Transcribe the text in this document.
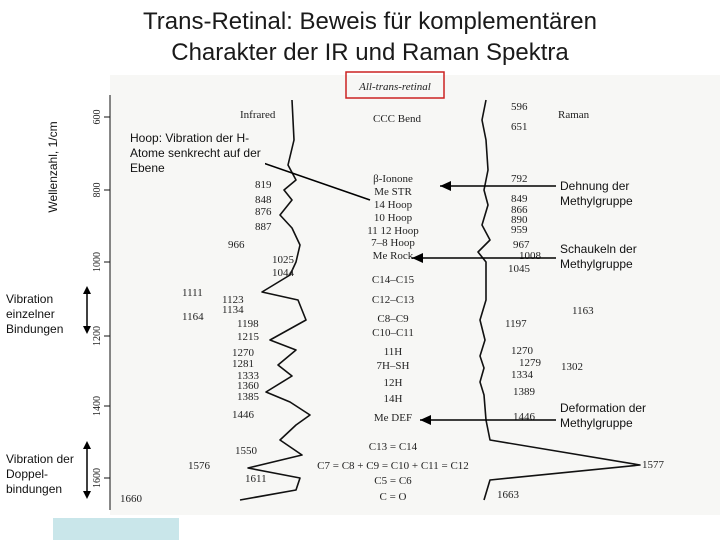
Trans-Retinal: Beweis für komplementären
Charakter der IR und Raman Spektra
Wellenzahl, 1/cm
600
800
1000
1200
1400
1600
All-trans-retinal
Infrared	Raman
819
848
876
887
966
1025
1044
1111
1123
1134
1164
1198
1215
1270
1281
1333
1360
1385
1446
1550
1576
1611
1660
CCC Bend
β-Ionone
Me STR
14 Hoop
10 Hoop
11 12 Hoop
7–8 Hoop
Me Rock
C14–C15
C12–C13
C8–C9
C10–C11
11H
7H–SH
12H
14H
Me DEF
C13 = C14
C7 = C8 + C9 = C10 + C11 = C12
C5 = C6
C = O
596
651
792
849
866
890
959
967
1008
1045
1163
1197
1270
1279 1302
1334
1389
1446
1577
1663
Hoop: Vibration der H-Atome senkrecht auf der Ebene
Dehnung der Methylgruppe
Schaukeln der Methylgruppe
Vibration einzelner Bindungen
Deformation der Methylgruppe
Vibration der Doppel-bindungen
